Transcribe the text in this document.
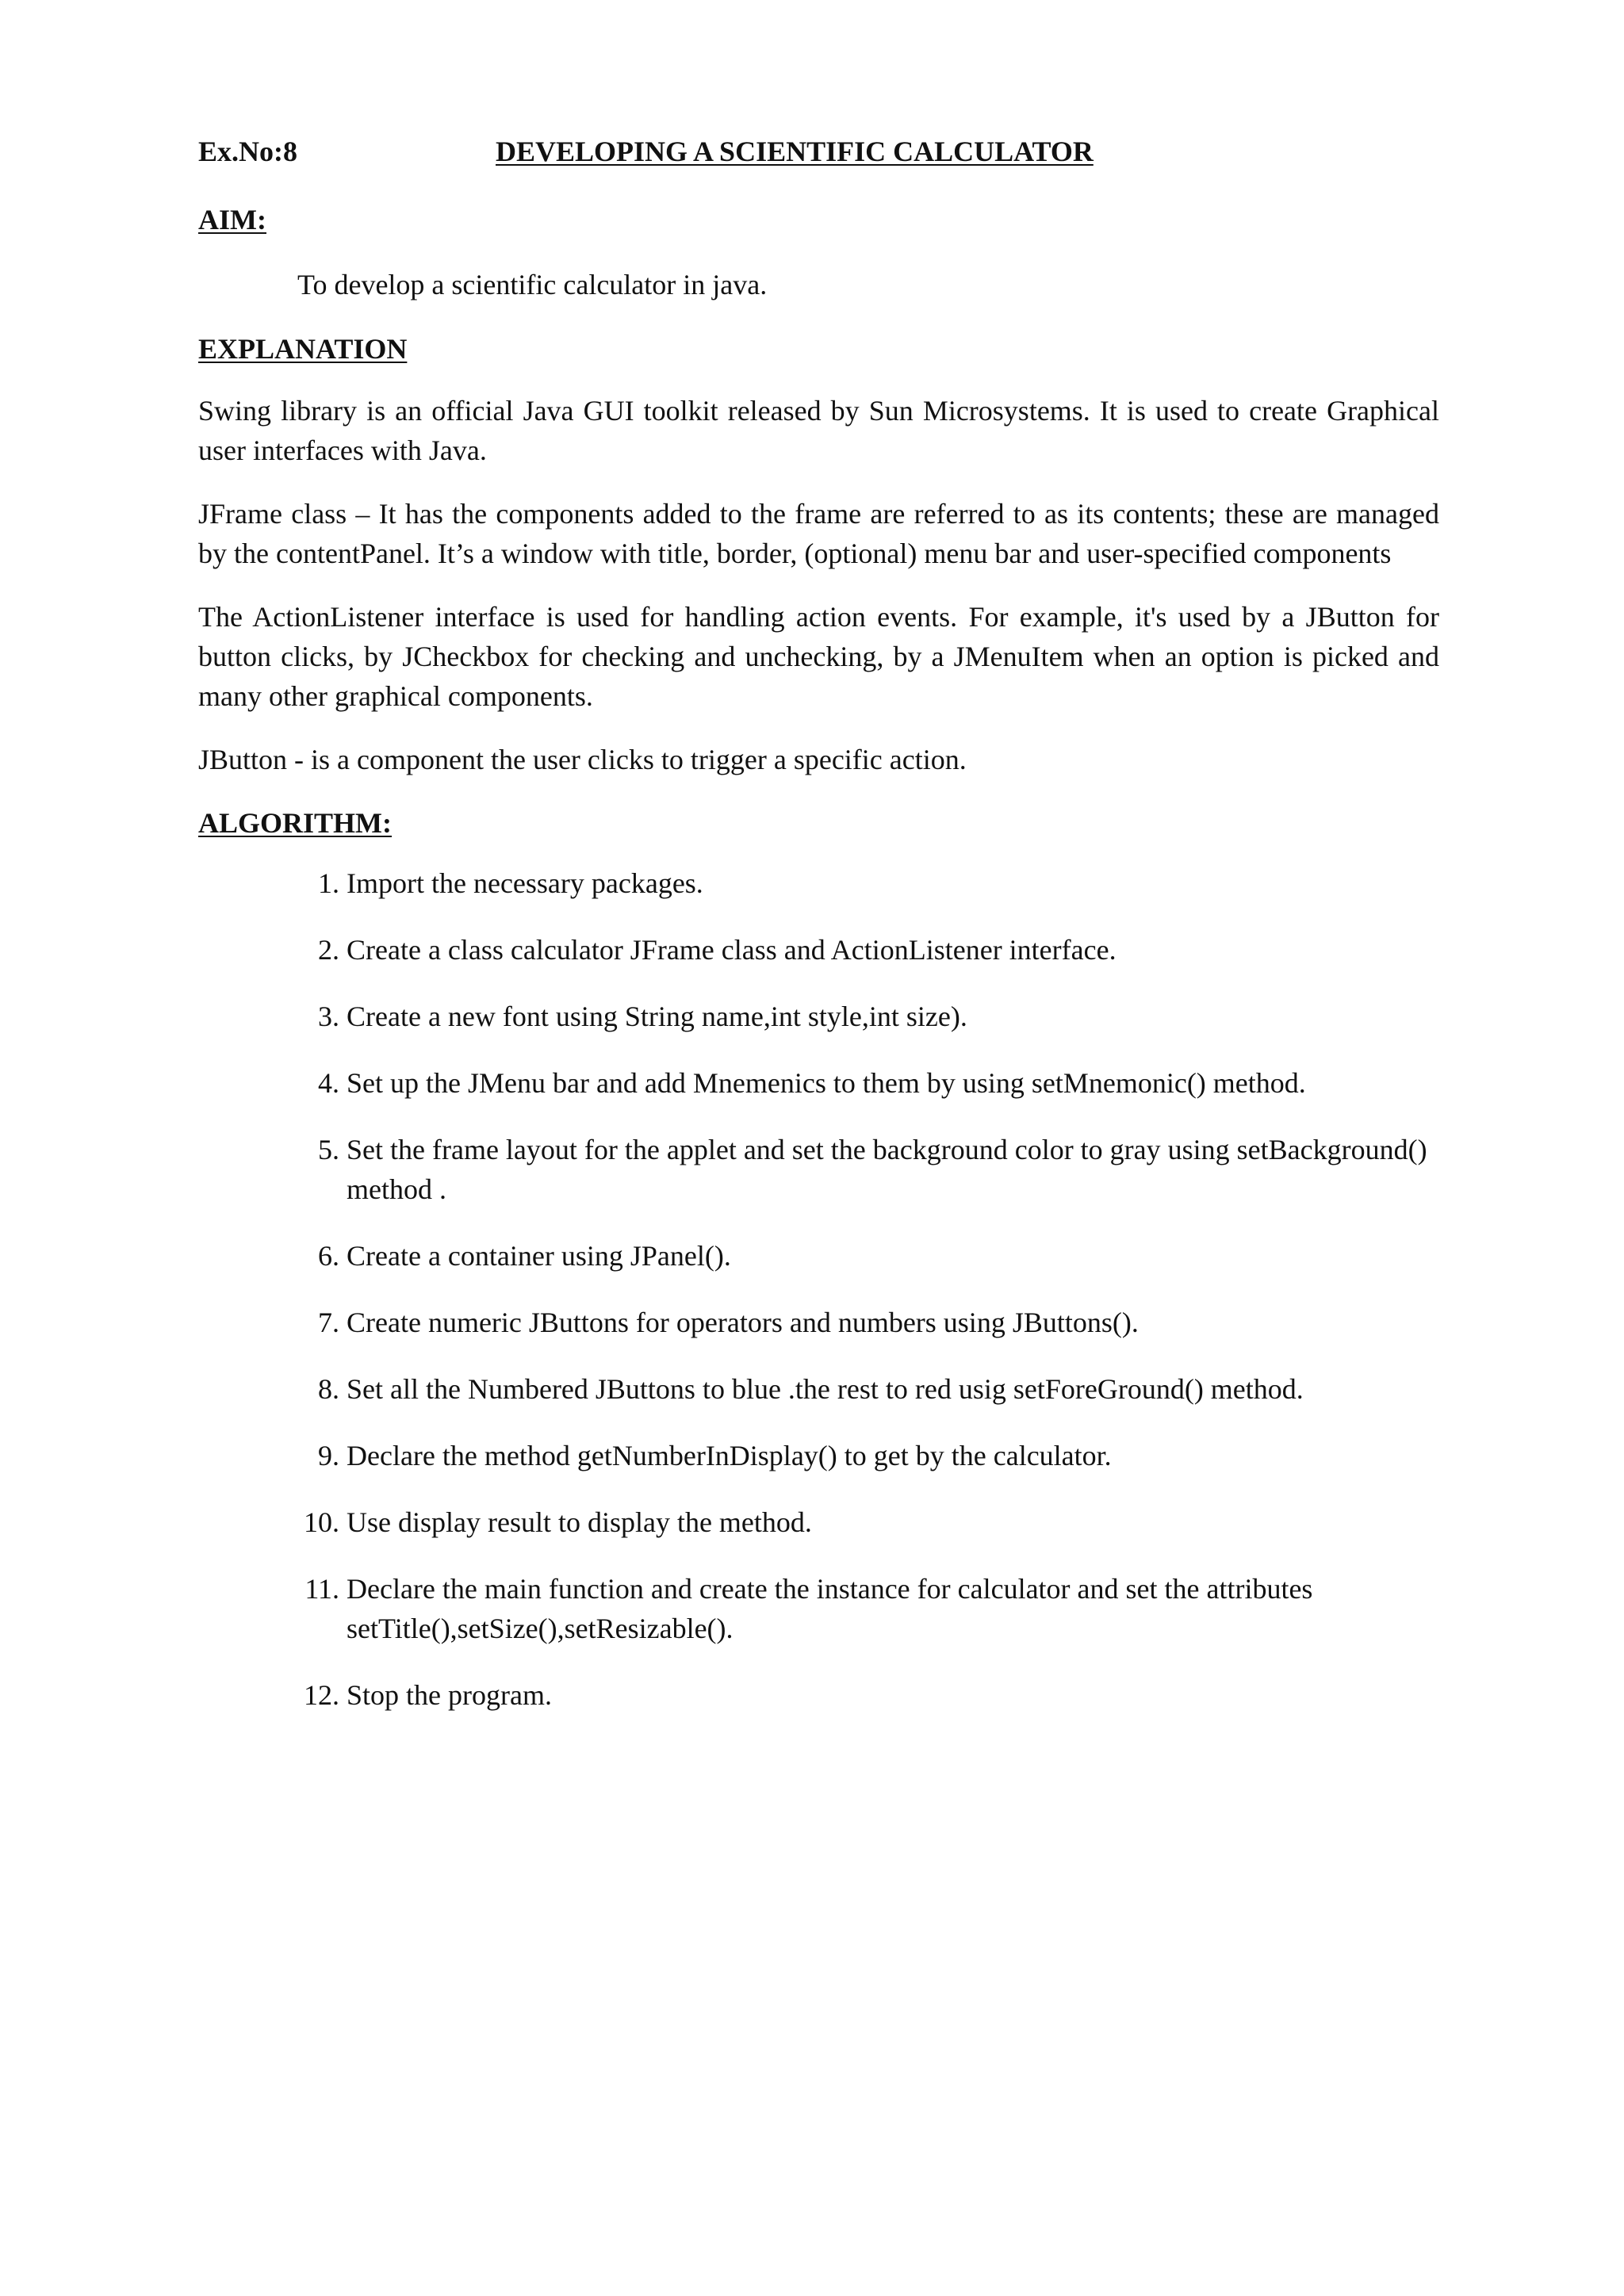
Ex.No:8	DEVELOPING A SCIENTIFIC CALCULATOR
AIM:

To develop a scientific calculator in java.

EXPLANATION

Swing library is an official Java GUI toolkit released by Sun Microsystems. It is used to create Graphical user interfaces with Java.

JFrame class – It has the components added to the frame are referred to as its contents; these are managed by the contentPanel. It’s a window with title, border, (optional) menu bar and user-specified components

The ActionListener interface is used for handling action events. For example, it's used by a JButton for button clicks, by JCheckbox for checking and unchecking, by a JMenuItem when an option is picked and many other graphical components.

JButton - is a component the user clicks to trigger a specific action.

ALGORITHM:
1 . Import the necessary packages.
2 . Create a class calculator JFrame class and ActionListener interface.
3 . Create a new font using String name,int style,int size).
4 . Set up the JMenu bar and add Mnemenics to them by using setMnemonic() method.
5 . Set the frame layout for the applet and set the background color to gray using setBackground() method .
6 . Create a container using JPanel().
7 . Create numeric JButtons for operators and numbers using JButtons().
8 . Set all the Numbered JButtons to blue .the rest to red usig setForeGround() method.
9 . Declare the method getNumberInDisplay() to get by the calculator.
10 . Use display result to display the method.
11 . Declare the main function and create the instance for calculator and set the attributes setTitle(),setSize(),setResizable().
12 . Stop the program.
